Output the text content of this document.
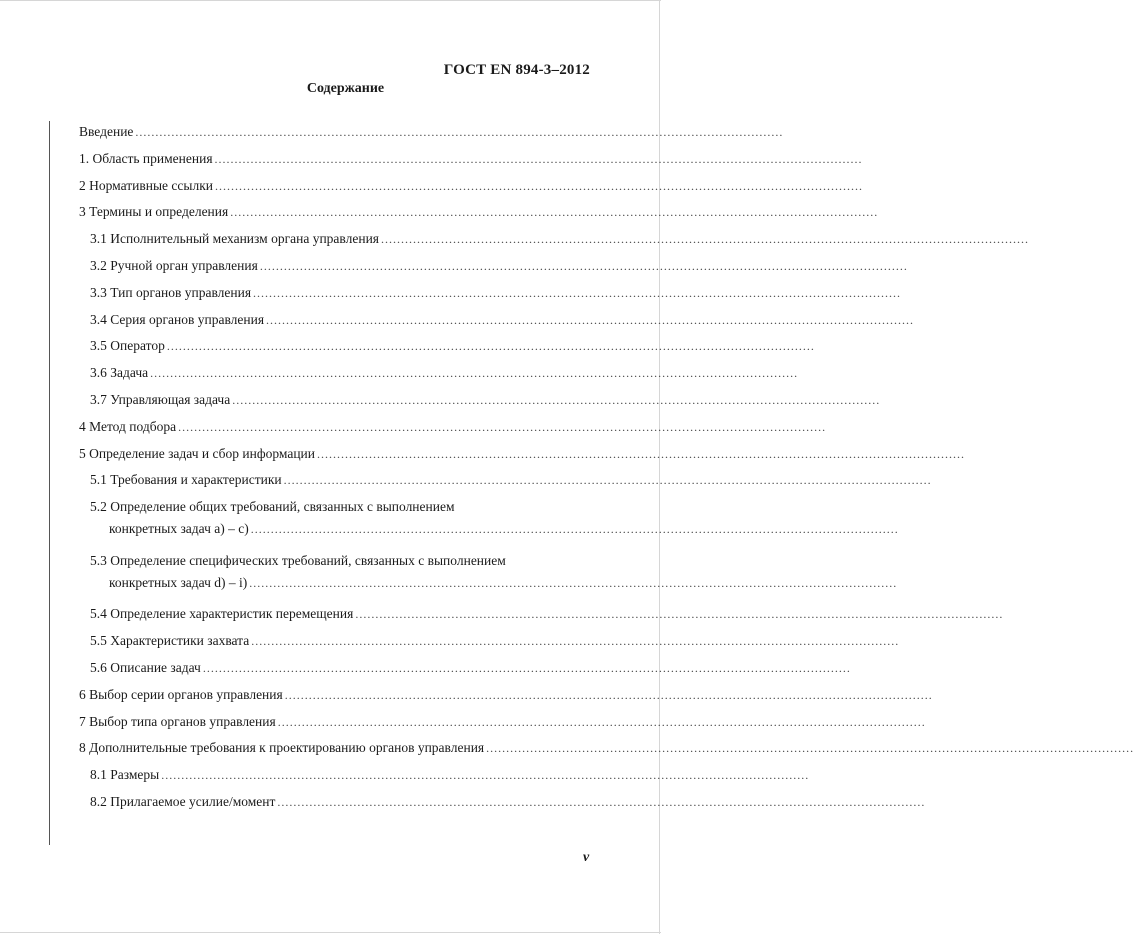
ГОСТ EN 894-3–2012
Содержание
Введение ..................................................................................................................................................................
1. Область применения ..................................................................................................................................................................
2 Нормативные ссылки ..................................................................................................................................................................
3 Термины и определения ..................................................................................................................................................................
3.1 Исполнительный механизм органа управления ..................................................................................................................................................................
3.2 Ручной орган управления ..................................................................................................................................................................
3.3 Тип органов управления ..................................................................................................................................................................
3.4 Серия органов управления ..................................................................................................................................................................
3.5 Оператор ..................................................................................................................................................................
3.6 Задача ..................................................................................................................................................................
3.7 Управляющая задача ..................................................................................................................................................................
4 Метод подбора ..................................................................................................................................................................
5 Определение задач и сбор информации ..................................................................................................................................................................
5.1 Требования и характеристики ..................................................................................................................................................................
5.2 Определение общих требований, связанных с выполнением
конкретных задач a) – c) ..................................................................................................................................................................
5.3 Определение специфических требований, связанных с выполнением
конкретных задач d) – i) ..................................................................................................................................................................
5.4 Определение характеристик перемещения ..................................................................................................................................................................
5.5 Характеристики захвата ..................................................................................................................................................................
5.6 Описание задач ..................................................................................................................................................................
6 Выбор серии органов управления ..................................................................................................................................................................
7 Выбор типа органов управления ..................................................................................................................................................................
8 Дополнительные требования к проектированию органов управления ..................................................................................................................................................................
8.1 Размеры ..................................................................................................................................................................
8.2 Прилагаемое усилие/момент ..................................................................................................................................................................
v
